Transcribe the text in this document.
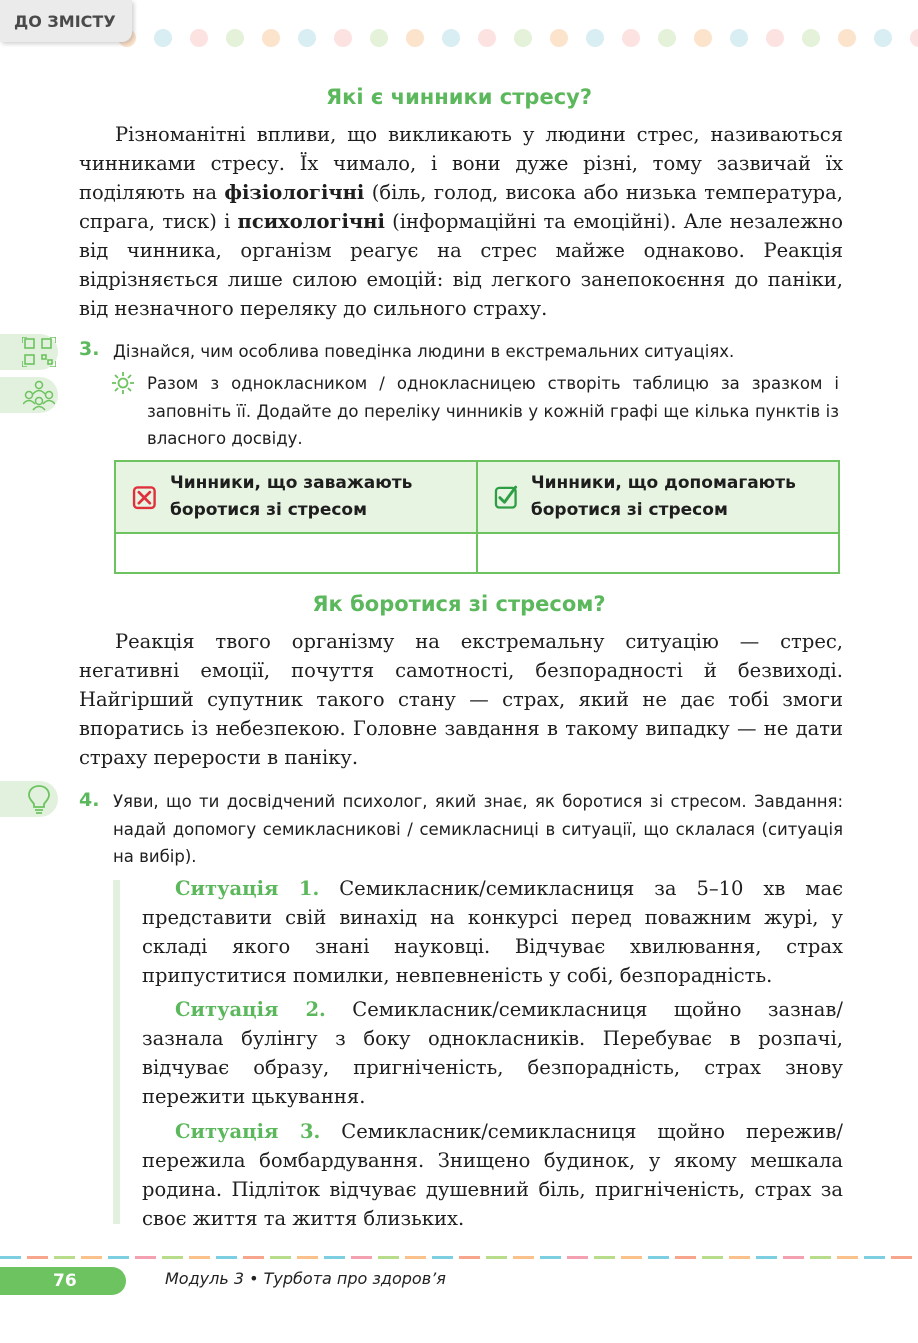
ДО ЗМІСТУ
Які є чинники стресу?
Різноманітні впливи, що викликають у людини стрес, називаються чинниками стресу. Їх чимало, і вони дуже різні, тому зазвичай їх поділяють на фізіологічні (біль, голод, висока або низька температура, спрага, тиск) і психологічні (інформаційні та емоційні). Але незалежно від чинника, організм реагує на стрес майже однаково. Реакція відрізняється лише силою емоцій: від легкого занепокоєння до паніки, від незначного переляку до сильного страху.
3. Дізнайся, чим особлива поведінка людини в екстремальних ситуаціях.
Разом з однокласником / однокласницею створіть таблицю за зразком і заповніть її. Додайте до переліку чинників у кожній графі ще кілька пунктів із власного досвіду.
Чинники, що заважають боротися зі стресом	Чинники, що допомагають боротися зі стресом

Як боротися зі стресом?
Реакція твого організму на екстремальну ситуацію — стрес, негативні емоції, почуття самотності, безпорадності й безвиході. Найгірший супутник такого стану — страх, який не дає тобі змоги впоратись із небезпекою. Головне завдання в такому випадку — не дати страху перерости в паніку.
4. Уяви, що ти досвідчений психолог, який знає, як боротися зі стресом. Завдання: надай допомогу семикласникові / семикласниці в ситуації, що склалася (ситуація на вибір).
Ситуація 1. Семикласник/семикласниця за 5–10 хв має представити свій винахід на конкурсі перед поважним журі, у складі якого знані науковці. Відчуває хвилювання, страх припуститися помилки, невпевненість у собі, безпорадність.
Ситуація 2. Семикласник/семикласниця щойно зазнав/ зазнала булінгу з боку однокласників. Перебуває в розпачі, відчуває образу, пригніченість, безпорадність, страх знову пережити цькування.
Ситуація 3. Семикласник/семикласниця щойно пережив/пережила бомбардування. Знищено будинок, у якому мешкала родина. Підліток відчуває душевний біль, пригніченість, страх за своє життя та життя близьких.
76	Модуль 3 • Турбота про здоров’я
